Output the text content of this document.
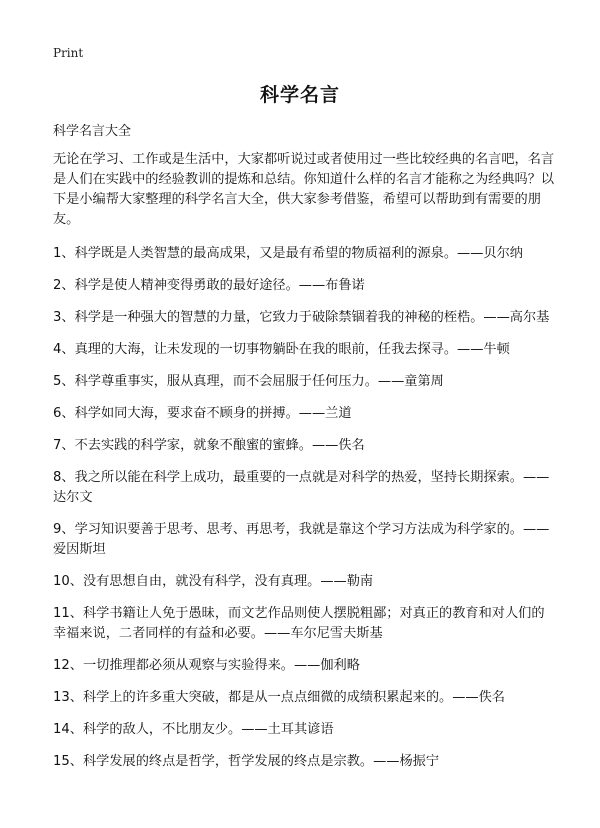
Print
科学名言
科学名言大全

无论在学习、工作或是生活中，大家都听说过或者使用过一些比较经典的名言吧，名言是人们在实践中的经验教训的提炼和总结。你知道什么样的名言才能称之为经典吗？以下是小编帮大家整理的科学名言大全，供大家参考借鉴，希望可以帮助到有需要的朋友。

1、科学既是人类智慧的最高成果，又是最有希望的物质福利的源泉。——贝尔纳

2、科学是使人精神变得勇敢的最好途径。——布鲁诺

3、科学是一种强大的智慧的力量，它致力于破除禁锢着我的神秘的桎梏。——高尔基

4、真理的大海，让未发现的一切事物躺卧在我的眼前，任我去探寻。——牛顿

5、科学尊重事实，服从真理，而不会屈服于任何压力。——童第周

6、科学如同大海，要求奋不顾身的拼搏。——兰道

7、不去实践的科学家，就象不酿蜜的蜜蜂。——佚名

8、我之所以能在科学上成功，最重要的一点就是对科学的热爱，坚持长期探索。——达尔文

9、学习知识要善于思考、思考、再思考，我就是靠这个学习方法成为科学家的。——爱因斯坦

10、没有思想自由，就没有科学，没有真理。——勒南

11、科学书籍让人免于愚昧，而文艺作品则使人摆脱粗鄙；对真正的教育和对人们的幸福来说，二者同样的有益和必要。——车尔尼雪夫斯基

12、一切推理都必须从观察与实验得来。——伽利略

13、科学上的许多重大突破，都是从一点点细微的成绩积累起来的。——佚名

14、科学的敌人，不比朋友少。——土耳其谚语

15、科学发展的终点是哲学，哲学发展的终点是宗教。——杨振宁
